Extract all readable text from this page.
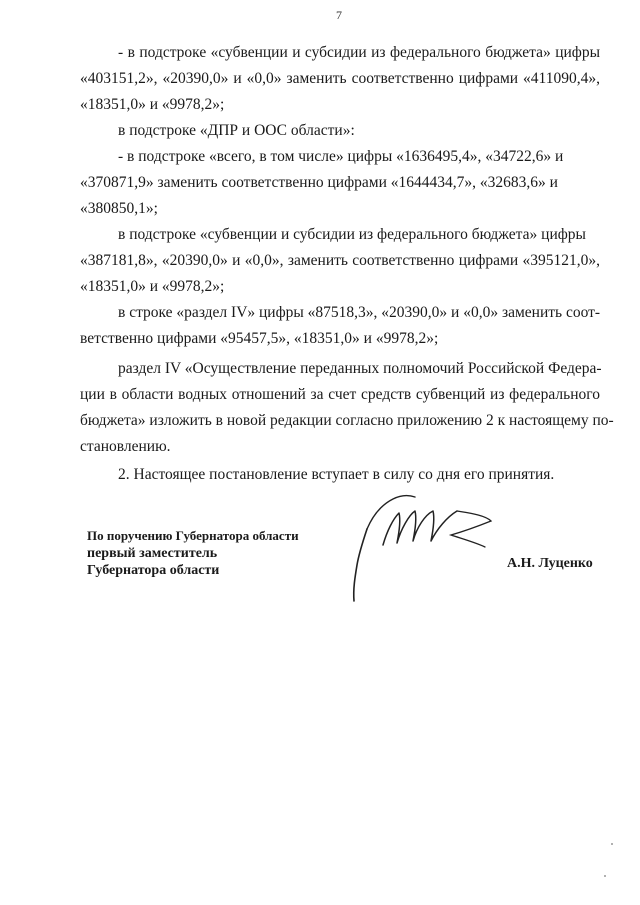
7
- в подстроке «субвенции и субсидии из федерального бюджета» цифры
«403151,2», «20390,0» и «0,0» заменить соответственно цифрами «411090,4»,
«18351,0» и «9978,2»;
в подстроке «ДПР и ООС области»:
- в подстроке «всего, в том числе» цифры «1636495,4», «34722,6» и
«370871,9» заменить соответственно цифрами «1644434,7», «32683,6» и
«380850,1»;
в подстроке «субвенции и субсидии из федерального бюджета» цифры
«387181,8», «20390,0» и «0,0», заменить соответственно цифрами «395121,0»,
«18351,0» и «9978,2»;
в строке «раздел IV» цифры «87518,3», «20390,0» и «0,0» заменить соот-
ветственно цифрами «95457,5», «18351,0» и «9978,2»;
раздел IV «Осуществление переданных полномочий Российской Федера-
ции в области водных отношений за счет средств субвенций из федерального
бюджета» изложить в новой редакции согласно приложению 2 к настоящему по-
становлению.
2. Настоящее постановление вступает в силу со дня его принятия.
По поручению Губернатора области
первый заместитель
Губернатора области	А.Н. Луценко
